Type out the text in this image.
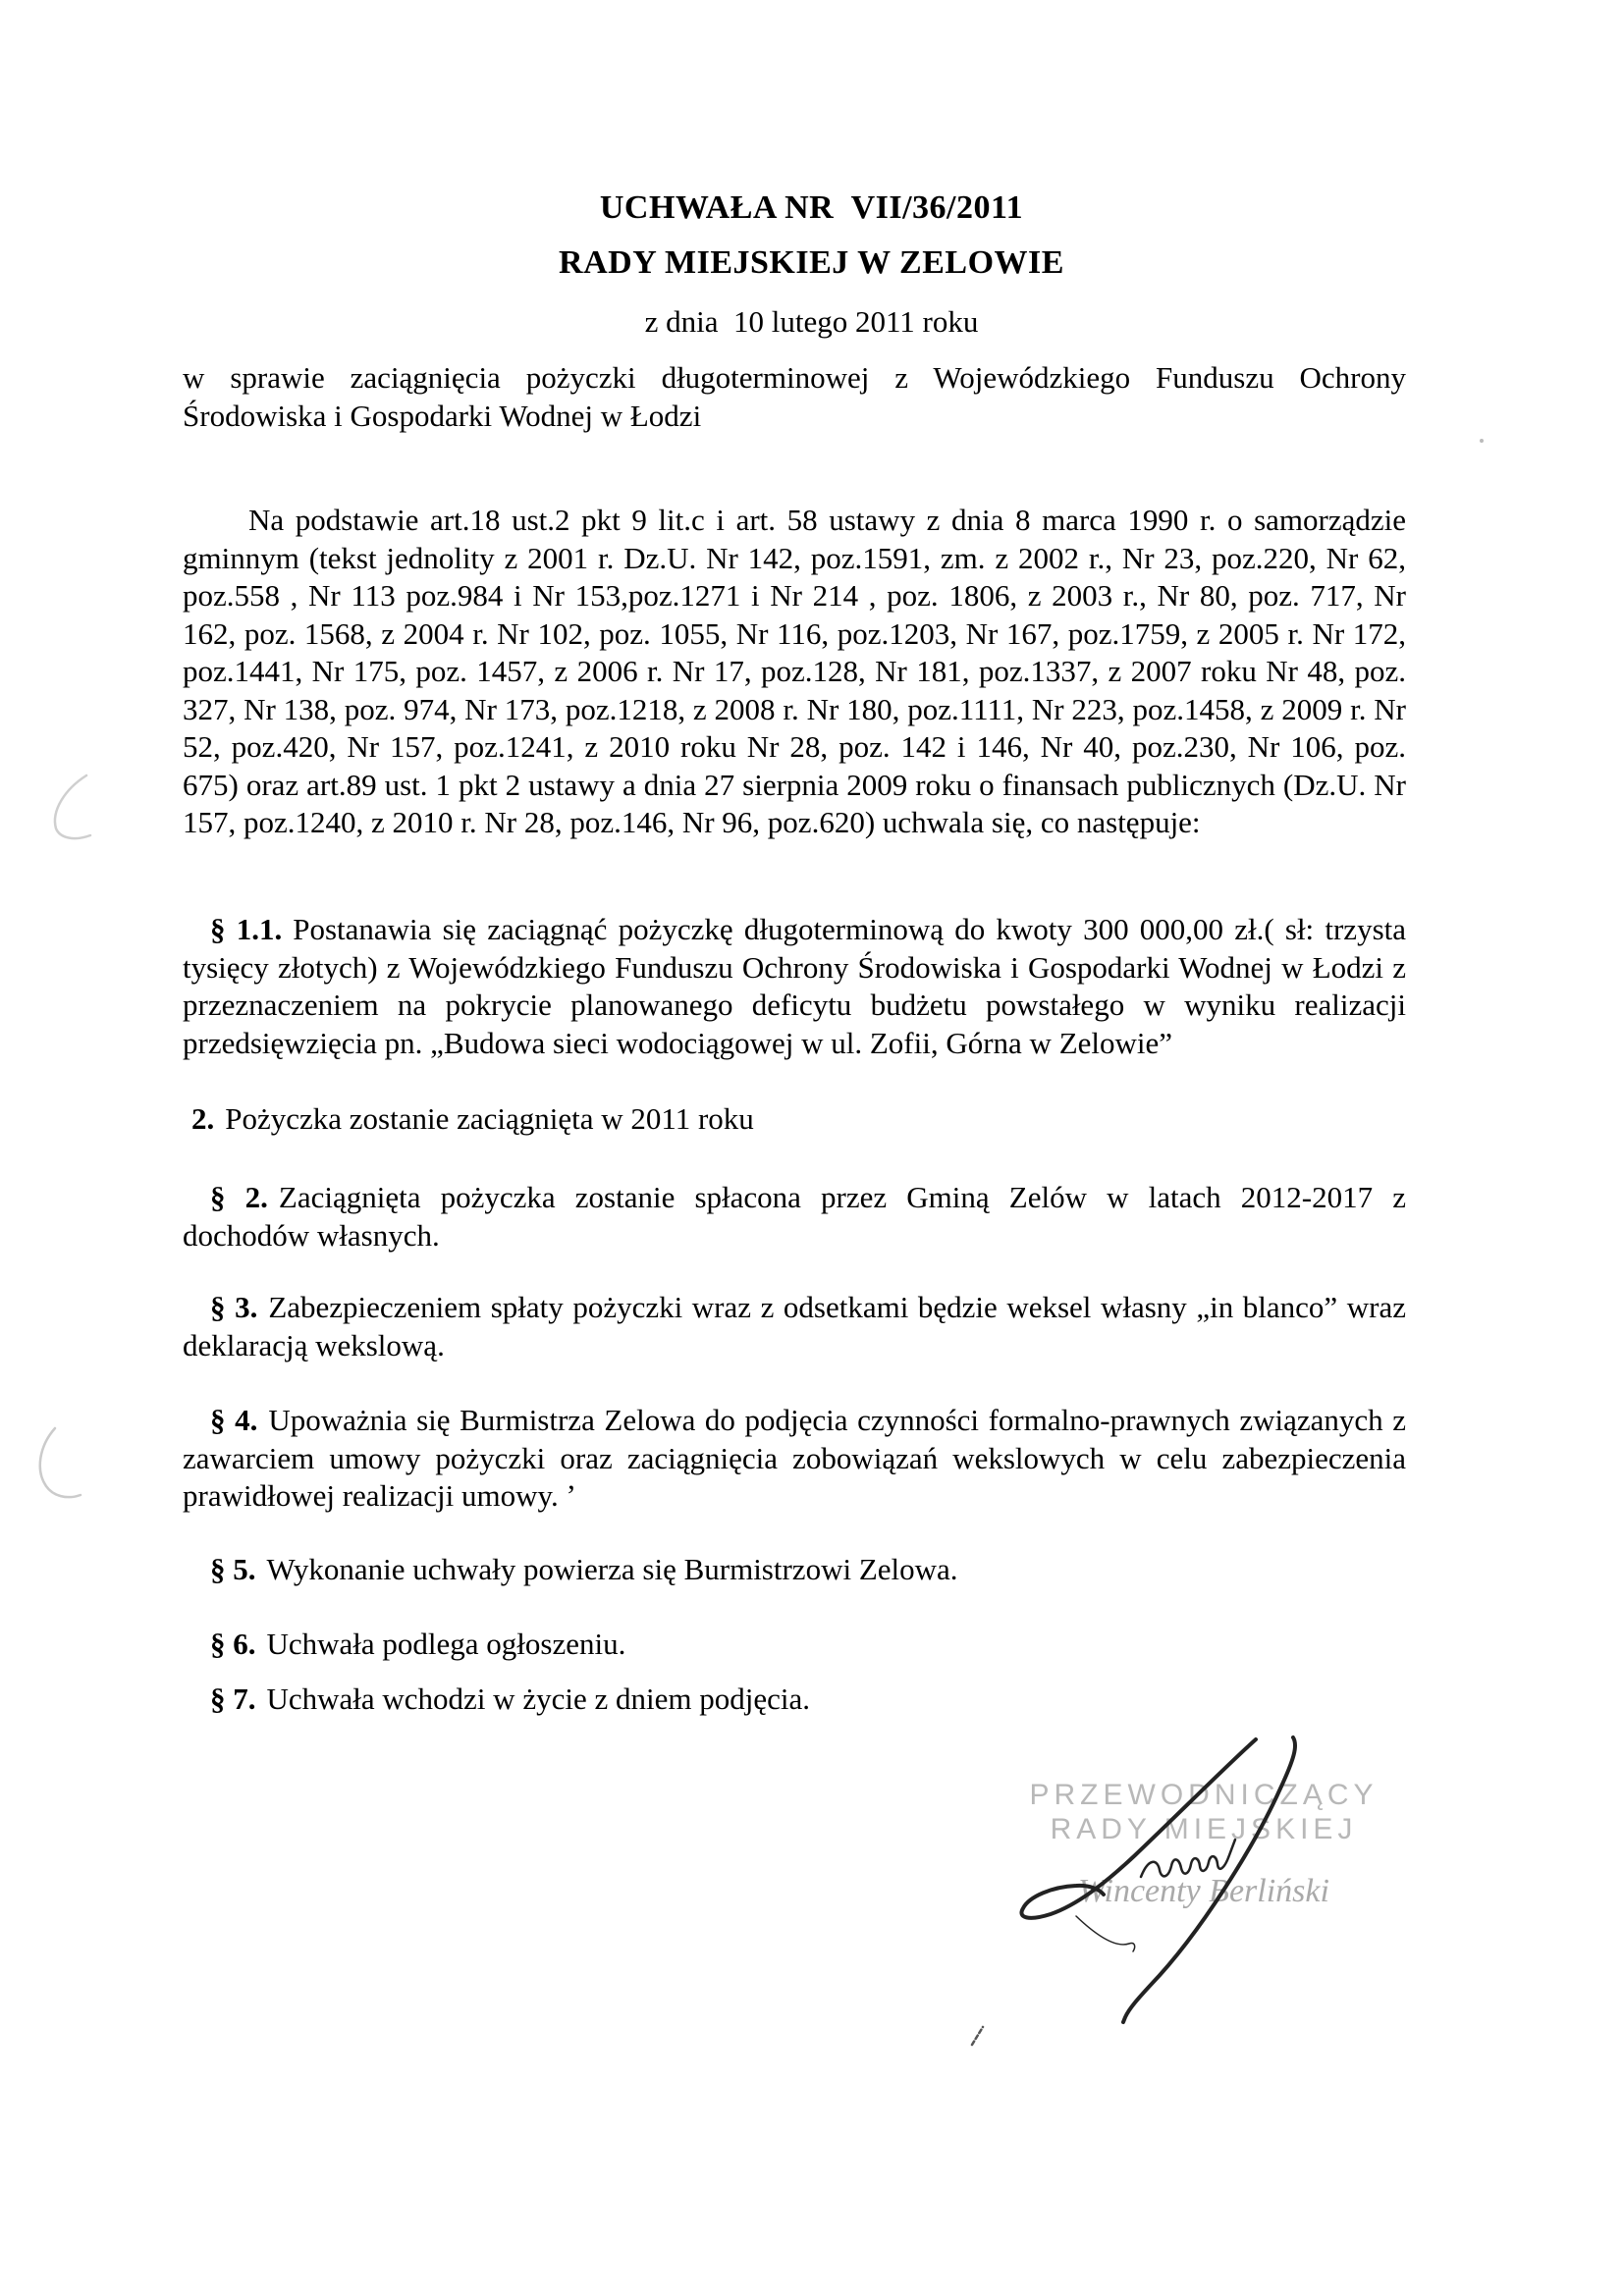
UCHWAŁA NR  VII/36/2011
RADY MIEJSKIEJ W ZELOWIE
z dnia  10 lutego 2011 roku
w sprawie zaciągnięcia pożyczki długoterminowej z Wojewódzkiego Funduszu Ochrony Środowiska i Gospodarki Wodnej w Łodzi
Na podstawie art.18 ust.2 pkt 9 lit.c i art. 58 ustawy z dnia 8 marca 1990 r. o samorządzie gminnym (tekst jednolity z 2001 r. Dz.U. Nr 142, poz.1591, zm. z 2002 r., Nr 23, poz.220, Nr 62, poz.558 , Nr 113 poz.984 i Nr 153,poz.1271 i Nr 214 , poz. 1806, z 2003 r., Nr 80, poz. 717, Nr 162, poz. 1568, z 2004 r. Nr 102, poz. 1055, Nr 116, poz.1203, Nr 167, poz.1759, z 2005 r. Nr 172, poz.1441, Nr 175, poz. 1457, z 2006 r. Nr 17, poz.128, Nr 181, poz.1337, z 2007 roku Nr 48, poz. 327, Nr 138, poz. 974, Nr 173, poz.1218, z 2008 r. Nr 180, poz.1111, Nr 223, poz.1458, z 2009 r. Nr 52, poz.420, Nr 157, poz.1241, z 2010 roku Nr 28, poz. 142 i 146, Nr 40, poz.230, Nr 106, poz. 675) oraz art.89 ust. 1 pkt 2 ustawy a dnia 27 sierpnia 2009 roku o finansach publicznych (Dz.U. Nr 157, poz.1240, z 2010 r. Nr 28, poz.146, Nr 96, poz.620) uchwala się, co następuje:
§ 1.1. Postanawia się zaciągnąć pożyczkę długoterminową do kwoty 300 000,00 zł.( sł: trzysta tysięcy złotych) z Wojewódzkiego Funduszu Ochrony Środowiska i Gospodarki Wodnej w Łodzi z przeznaczeniem na pokrycie planowanego deficytu budżetu powstałego w wyniku realizacji przedsięwzięcia pn. „Budowa sieci wodociągowej w ul. Zofii, Górna w Zelowie”
2. Pożyczka zostanie zaciągnięta w 2011 roku
§ 2. Zaciągnięta pożyczka zostanie spłacona przez Gminą Zelów w latach 2012-2017 z dochodów własnych.
§ 3. Zabezpieczeniem spłaty pożyczki wraz z odsetkami będzie weksel własny „in blanco” wraz deklaracją wekslową.
§ 4. Upoważnia się Burmistrza Zelowa do podjęcia czynności formalno-prawnych związanych z zawarciem umowy pożyczki oraz zaciągnięcia zobowiązań wekslowych w celu zabezpieczenia prawidłowej realizacji umowy. ʼ
§ 5. Wykonanie uchwały powierza się Burmistrzowi Zelowa.
§ 6. Uchwała podlega ogłoszeniu.
§ 7. Uchwała wchodzi w życie z dniem podjęcia.
PRZEWODNICZĄCY
RADY MIEJSKIEJ
Wincenty Berliński
